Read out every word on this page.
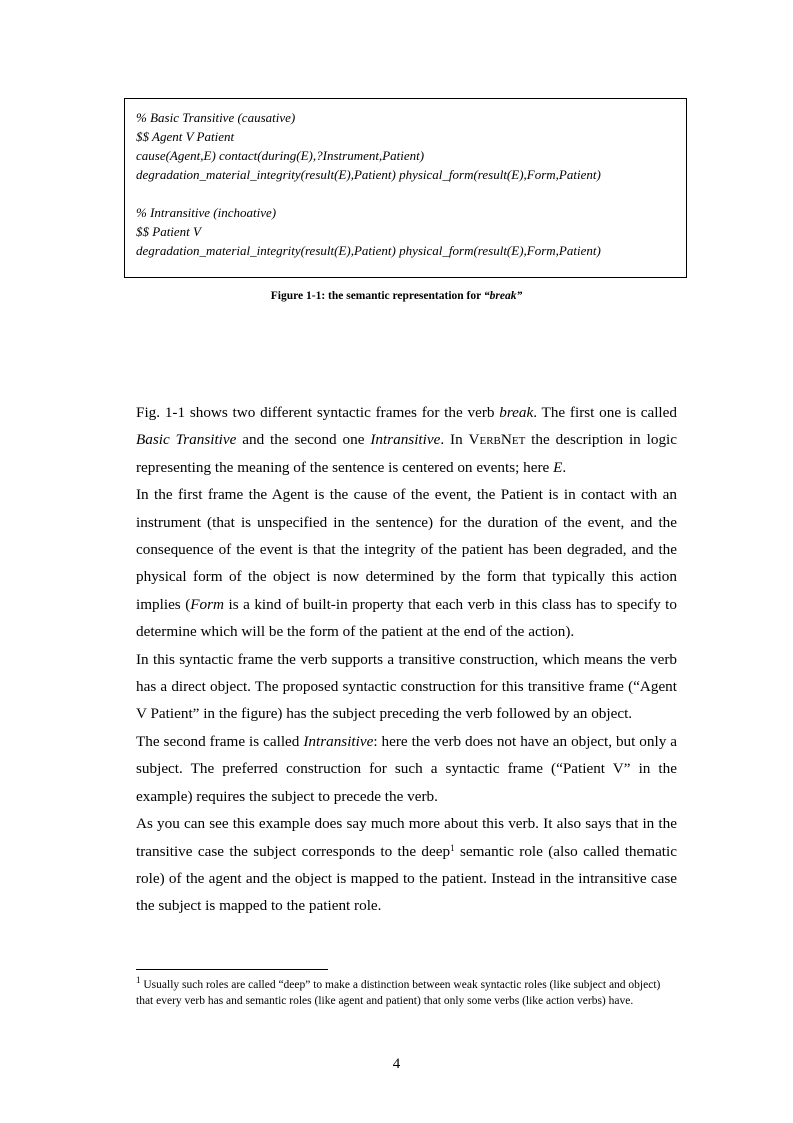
% Basic Transitive (causative)
$$ Agent V Patient
cause(Agent,E) contact(during(E),?Instrument,Patient)
degradation_material_integrity(result(E),Patient) physical_form(result(E),Form,Patient)
% Intransitive (inchoative)
$$ Patient V
degradation_material_integrity(result(E),Patient) physical_form(result(E),Form,Patient)
Figure 1-1: the semantic representation for “break”

Fig. 1-1 shows two different syntactic frames for the verb break. The first one is called Basic Transitive and the second one Intransitive. In VerbNet the description in logic representing the meaning of the sentence is centered on events; here E.

In the first frame the Agent is the cause of the event, the Patient is in contact with an instrument (that is unspecified in the sentence) for the duration of the event, and the consequence of the event is that the integrity of the patient has been degraded, and the physical form of the object is now determined by the form that typically this action implies (Form is a kind of built-in property that each verb in this class has to specify to determine which will be the form of the patient at the end of the action).

In this syntactic frame the verb supports a transitive construction, which means the verb has a direct object. The proposed syntactic construction for this transitive frame (“Agent V Patient” in the figure) has the subject preceding the verb followed by an object.

The second frame is called Intransitive: here the verb does not have an object, but only a subject. The preferred construction for such a syntactic frame (“Patient V” in the example) requires the subject to precede the verb.

As you can see this example does say much more about this verb. It also says that in the transitive case the subject corresponds to the deep$^1$ semantic role (also called thematic role) of the agent and the object is mapped to the patient. Instead in the intransitive case the subject is mapped to the patient role.

$^1$ Usually such roles are called “deep” to make a distinction between weak syntactic roles (like subject and object) that every verb has and semantic roles (like agent and patient) that only some verbs (like action verbs) have.
4
